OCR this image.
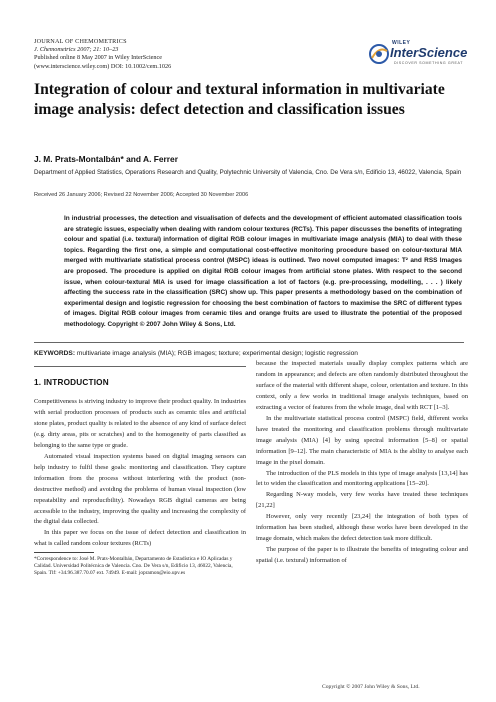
JOURNAL OF CHEMOMETRICS
J. Chemometrics 2007; 21: 10–23
Published online 8 May 2007 in Wiley InterScience
(www.interscience.wiley.com) DOI: 10.1002/cem.1026
WILEY
InterScience
DISCOVER SOMETHING GREAT
Integration of colour and textural information in multivariate image analysis: defect detection and classification issues
J. M. Prats-Montalbán* and A. Ferrer
Department of Applied Statistics, Operations Research and Quality, Polytechnic University of Valencia, Cno. De Vera s/n, Edificio 13, 46022, Valencia, Spain
Received 26 January 2006; Revised 22 November 2006; Accepted 30 November 2006
In industrial processes, the detection and visualisation of defects and the development of efficient automated classification tools are strategic issues, especially when dealing with random colour textures (RCTs). This paper discusses the benefits of integrating colour and spatial (i.e. textural) information of digital RGB colour images in multivariate image analysis (MIA) to deal with these topics. Regarding the first one, a simple and computational cost-effective monitoring procedure based on colour-textural MIA merged with multivariate statistical process control (MSPC) ideas is outlined. Two novel computed images: T² and RSS Images are proposed. The procedure is applied on digital RGB colour images from artificial stone plates. With respect to the second issue, when colour-textural MIA is used for image classification a lot of factors (e.g. pre-processing, modelling, . . . ) likely affecting the success rate in the classification (SRC) show up. This paper presents a methodology based on the combination of experimental design and logistic regression for choosing the best combination of factors to maximise the SRC of different types of images. Digital RGB colour images from ceramic tiles and orange fruits are used to illustrate the potential of the proposed methodology. Copyright © 2007 John Wiley & Sons, Ltd.
KEYWORDS: multivariate image analysis (MIA); RGB images; texture; experimental design; logistic regression
1. INTRODUCTION

Competitiveness is striving industry to improve their product quality. In industries with serial production processes of products such as ceramic tiles and artificial stone plates, product quality is related to the absence of any kind of surface defect (e.g. dirty areas, pits or scratches) and to the homogeneity of parts classified as belonging to the same type or grade.

Automated visual inspection systems based on digital imaging sensors can help industry to fulfil these goals: monitoring and classification. They capture information from the process without interfering with the product (non-destructive method) and avoiding the problems of human visual inspection (low repeatability and reproducibility). Nowadays RGB digital cameras are being accessible to the industry, improving the quality and increasing the complexity of the digital data collected.

In this paper we focus on the issue of defect detection and classification in what is called random colour textures (RCTs)

*Correspondence to: José M. Prats-Montalbán, Departamento de Estadística e IO Aplicadas y Calidad. Universidad Politécnica de Valencia. Cno. De Vera s/n, Edificio 13, 46022, Valencia, Spain. Tlf: +34.96.387.70.07 ext. 74949. E-mail: jopramon@eio.upv.es

because the inspected materials usually display complex patterns which are random in appearance; and defects are often randomly distributed throughout the surface of the material with different shape, colour, orientation and texture. In this context, only a few works in traditional image analysis techniques, based on extracting a vector of features from the whole image, deal with RCT [1–3].

In the multivariate statistical process control (MSPC) field, different works have treated the monitoring and classification problems through multivariate image analysis (MIA) [4] by using spectral information [5–8] or spatial information [9–12]. The main characteristic of MIA is the ability to analyse each image in the pixel domain.

The introduction of the PLS models in this type of image analysis [13,14] has let to widen the classification and monitoring applications [15–20].

Regarding N-way models, very few works have treated these techniques [21,22]

However, only very recently [23,24] the integration of both types of information has been studied, although these works have been developed in the image domain, which makes the defect detection task more difficult.

The purpose of the paper is to illustrate the benefits of integrating colour and spatial (i.e. textural) information of

Copyright © 2007 John Wiley & Sons, Ltd.
